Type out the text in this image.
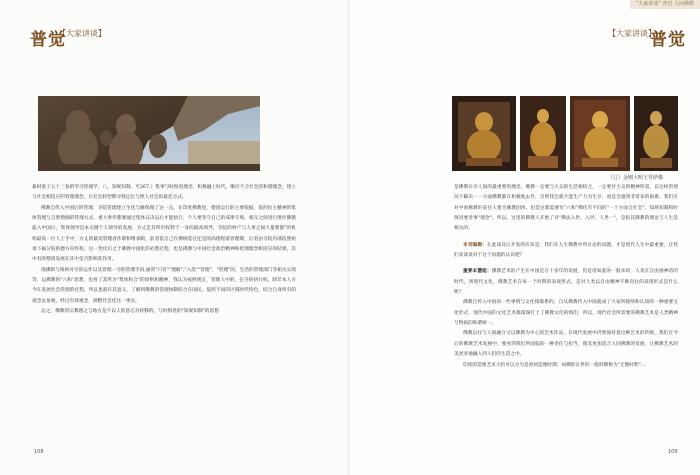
普觉
【大家讲谈】

暴财童子五十三参的学习管理学，八、知规知制。至267,）集事与时俱进理念，积极融上时代，顺应不合社会的和谐理念，建立与社会相适应的管理理念，在社会转型期寻找定位与照人社会的最佳方式。

佛教自传入中国后的管理，寺院管理建立生化与修保理了这一点。在印度佛教里，僧团运行的主要依据，依约民主精神的集体管理与自然僧伽的管理方式，重大事件都要通过集体议决以后才能执行，个人要坚守自己的戒律守规，相互之间进行批评佛教徒入中国后，集体领导是本关键个人领导的发展，方丈是其所有权利于一身的最高领导，寺院的财产与人事之间大量要都"的机构最高一位人士手中，方丈的最高管理者作职和继承制，前者依自己在佛统选任还是的高德程道管理制，后者由寺院内部依照祖承下属分院的德方向传权，这一变化后之于佛教中国化的必然过程，也是佛教与中国社会政治精神和伦理理念相适应的结果，其中有的僧团发展在其中是否影响其作用。

现佛制与规则对寺的运作以及管理一寺的管理手段,通常"只有""理解","入选""管理"、"管理"的，生活的管理部门等相关实现等，以佛教的"六和"思想，也看了其所为"集体和合"的原则和精神，我认为按照规定，管理人中的，任寺的执行权，除非本人方今在发展社会管理的过程，所以也就有其意义，了解到佛教的管理体制结合在国民，依照不同的区域时代特色，结合自身所有的观念去参观，经过有效观念，调整社会化这一事实。

总之，佛教的宗教理之与地方是不以人的意志为转移的。与时俱进的"知规知制"的思想

108
“大家讲谈” 普觉 人间佛教
【大家讲谈】
普觉
（辽）金刚大明王菩萨像

是佛教在存人间的最重要的理念。佛教一定要与大众的生活相结合，一定要付大众的精神所需，以这样的情况下解决一一方面佛教都在积极地去作，否则我会就不能生产力为生存，而是会遇到非常多的困难。我们应对中国佛教好前任人要为佛教团体，但是这都需要有"六和"佛化有不同的"一个方面合社会"，知规知制和时俱进要善事"理念"。所以，这里的佛教人开始了对"佛法入世、入世、人世一"，是指其佛教的理论与人生是相关的。

本刊编辑：在此谈及后开发的应该是，我们在人生佛教中所讨论的问题，才是现代人生中最重要，让我们来谈谈对于这个问题的认识吧？

重要本慧能：佛教艺术的产生在中国是在十多年的发展，但是用如此的一般来讲，人类在自由感神话的时代，到现代文化，佛教艺术在每一个时期的表现形式，是对人类以自由精神不断向往的表现形式是什么呢？

佛教自传入中国的一些事情与文化相联系的，自从佛教传入中国就成了大家所接纳和认知的一种重要文化形式，现代中国的文化艺术都深深打上了佛教文化的烙印，所以，现代社会所需要的佛教艺术是人类精神与物质的和谐统一。

佛教以往与人间融合又以佛教为中心的艺术作品，在现代发展中仍然保持着这种艺术的传统，我们在今后的佛教艺术发展中，要看到我们所面临的一种责任与担当，使其更加适合人间佛教的发展，让佛教艺术的美更多地融入到人们的生活之中。

印度的造像艺术大约可以分为是原初造像时期，如佛陀在世的一般时期称为"无像时期"...

109
